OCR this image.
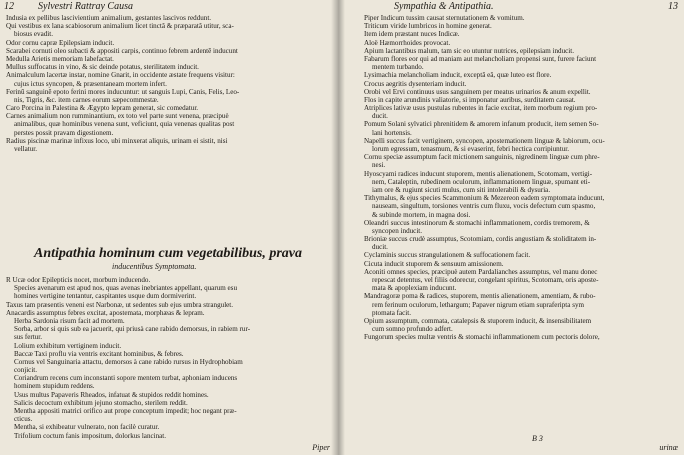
12 Sylvestri Rattray Causa
Indusia ex pellibus lascivientium animalium, gestantes lascivos reddunt.
Qui vestibus ex lana scabiosorum animalium licet tinctâ & præparatâ utitur, sca-
biosus evadit.
Odor cornu capræ Epilepsiam inducit.
Scarabei cornuti oleo subacti & appositi carpis, continuo febrem ardentē inducunt
Medulla Arietis memoriam labefactat.
Mullus suffocatus in vino, & sic deinde potatus, sterilitatem inducit.
Animalculum lacertæ instar, nomine Gnarit, in occidente æstate frequens visitur:
cujus ictus syncopen, & præsentaneam mortem infert.
Ferinū sanguinē epoto ferini mores inducuntur: ut sanguis Lupi, Canis, Felis, Leo-
nis, Tigris, &c. item carnes eorum sæpecommestæ.
Caro Porcina in Palestina & Ægypto lepram generat, sic comedatur.
Carnes animalium non rumminantium, ex toto vel parte sunt venena, præcipuè
animalibus, quæ hominibus venena sunt, veficiunt, quia venenas qualitas post
perstes possit pravam digestionem.
Radius piscinæ marinæ infixus loco, ubi minxerat aliquis, urinam ei sistit, nisi
vellatur.
Antipathia hominum cum vegetabilibus, prava
inducentibus Symptomata.
R Ucæ odor Epilepticis nocet, morbum inducendo.
Species avenarum est apud nos, quas avenas inebriantes appellant, quarum esu
homines vertigine tentantur, caspitantes usque dum dormiverint.
Taxus tam præsentis veneni est Narbonæ, ut sedentes sub ejus umbra strangulet.
Anacardis assumptus febres excitat, apostemata, morphæas & lepram.
Herba Sardonia risum facit ad mortem.
Sorba, arbor si quis sub ea jacuerit, qui priusà cane rabido demorsus, in rabiem rur-
sus fertur.
Lolium exhibitum vertiginem inducit.
Baccæ Taxi proflu via ventris excitant hominibus, & febres.
Cornus vel Sanguinaria attactu, demorsos à cane rabido rursus in Hydrophobiam
conjicit.
Coriandrum recens cum inconstanti sopore mentem turbat, aphoniam inducens
hominem stupidum reddens.
Usus multus Papaveris Rheados, infatuat & stupidos reddit homines.
Salicis decoctum exhibitum jejuno stomacho, sterilem reddit.
Mentha appositi matrici orifico aut prope conceptum impedit; hoc negant præ-
cticus.
Mentha, si exhibeatur vulnerato, non facilè curatur.
Trifolium coctum fanis impositum, dolorkus lancinat.
Piper
Sympathia & Antipathia.	13
Piper Indicum tussim causat sternutationem & vomitum.
Triticum viride lumbricos in homine generat.
Item idem præstant nuces Indicæ.
Aloë Hæmorrhoides provocat.
Apium lactantibus malum, tam sic eo utuntur nutrices, epilepsiam inducit.
Fabarum flores eor qui ad maniam aut melancholiam propensi sunt, furere faciunt
mentem turbando.
Lysimachia melancholiam inducit, exceptâ eâ, quæ luteo est flore.
Crocus aegritis dysenteriam inducit.
Orobi vel Ervi continuus usus sanguinem per meatus urinarios & anum expellit.
Flos in capite arundinis valiatorie, si imponatur auribus, surditatem causat.
Atriplices lativæ usus pustulas rubentes in facie excitat, item morbum regium pro-
ducit.
Pomum Solani sylvatici phrenitidem & amorem infanum producit, item semen So-
lani hortensis.
Napelli succus facit vertiginem, syncopen, apostemationem linguæ & labiorum, ocu-
lorum egressum, tenasmum, & si evaserint, febri hectica corripiuntur.
Cornu speciæ assumptum facit mictionem sanguinis, nigredinem linguæ cum phre-
nesi.
Hyoscyami radices inducunt stuporem, mentis alienationem, Scotomam, vertigi-
nem, Cataleptin, rubedinem oculorum, inflammationem linguæ, spumant eti-
iam ore & rugiunt sicuti mulus, cum siti intolerabili & dysuria.
Tithymalus, & ejus species Scammonium & Mezereon eadem symptomata inducunt,
nauseam, singultum, torsiones ventris cum fluxu, vocis defectum cum spasmo,
& subinde mortem, in magna dosi.
Oleandri succus intestinorum & stomachi inflammationem, cordis tremorem, &
syncopen inducit.
Brioniæ succus crudè assumptus, Scotomiam, cordis angustiam & stoliditatem in-
ducit.
Cyclaminis succus strangulationem & suffocationem facit.
Cicuta inducit stuporem & sensuum amissionem.
Aconiti omnes species, præcipuè autem Pardalianches assumptus, vel manu donec
repescat detentus, vel filiis odorecur, congelant spiritus, Scotomam, oris aposte-
mata & apoplexiam inducunt.
Mandragoræ poma & radices, stuporem, mentis alienationem, amentiam, & rubo-
rem ferinum oculorum, lethargum; Papaver nigrum etiam supraferipta sym
ptomata facit.
Opium assumptum, commata, catalepsis & stuporem inducit, & insensibilitatem
cum somno profundo adfert.
Fungorum species multæ ventris & stomachi inflammationem cum pectoris dolore,
B 3
urinæ
